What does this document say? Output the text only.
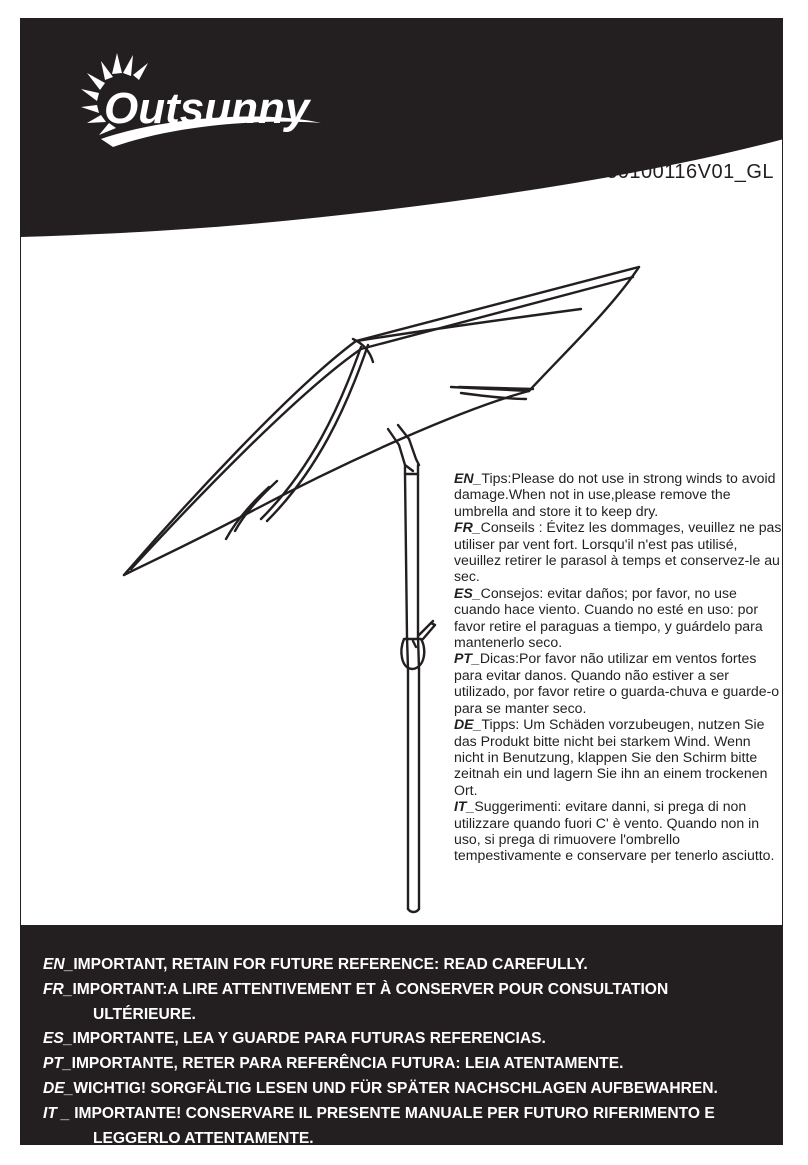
Outsunny
IN230100116V01_GL

EN_Tips:Please do not use in strong winds to avoid damage.When not in use,please remove the umbrella and store it to keep dry.

FR_Conseils : Évitez les dommages, veuillez ne pas utiliser par vent fort. Lorsqu'il n'est pas utilisé, veuillez retirer le parasol à temps et conservez-le au sec.

ES_Consejos: evitar daños; por favor, no use cuando hace viento. Cuando no esté en uso: por favor retire el paraguas a tiempo, y guárdelo para mantenerlo seco.

PT_Dicas:Por favor não utilizar em ventos fortes para evitar danos. Quando não estiver a ser utilizado, por favor retire o guarda-chuva e guarde-o para se manter seco.

DE_Tipps: Um Schäden vorzubeugen, nutzen Sie das Produkt bitte nicht bei starkem Wind. Wenn nicht in Benutzung, klappen Sie den Schirm bitte zeitnah ein und lagern Sie ihn an einem trockenen Ort.

IT_Suggerimenti: evitare danni, si prega di non utilizzare quando fuori C' è vento. Quando non in uso, si prega di rimuovere l'ombrello tempestivamente e conservare per tenerlo asciutto.

EN_IMPORTANT, RETAIN FOR FUTURE REFERENCE: READ CAREFULLY.
FR_IMPORTANT:A LIRE ATTENTIVEMENT ET À CONSERVER POUR CONSULTATION
ULTÉRIEURE.
ES_IMPORTANTE, LEA Y GUARDE PARA FUTURAS REFERENCIAS.
PT_IMPORTANTE, RETER PARA REFERÊNCIA FUTURA: LEIA ATENTAMENTE.
DE_WICHTIG! SORGFÄLTIG LESEN UND FÜR SPÄTER NACHSCHLAGEN AUFBEWAHREN.
IT _ IMPORTANTE! CONSERVARE IL PRESENTE MANUALE PER FUTURO RIFERIMENTO E
LEGGERLO ATTENTAMENTE.
